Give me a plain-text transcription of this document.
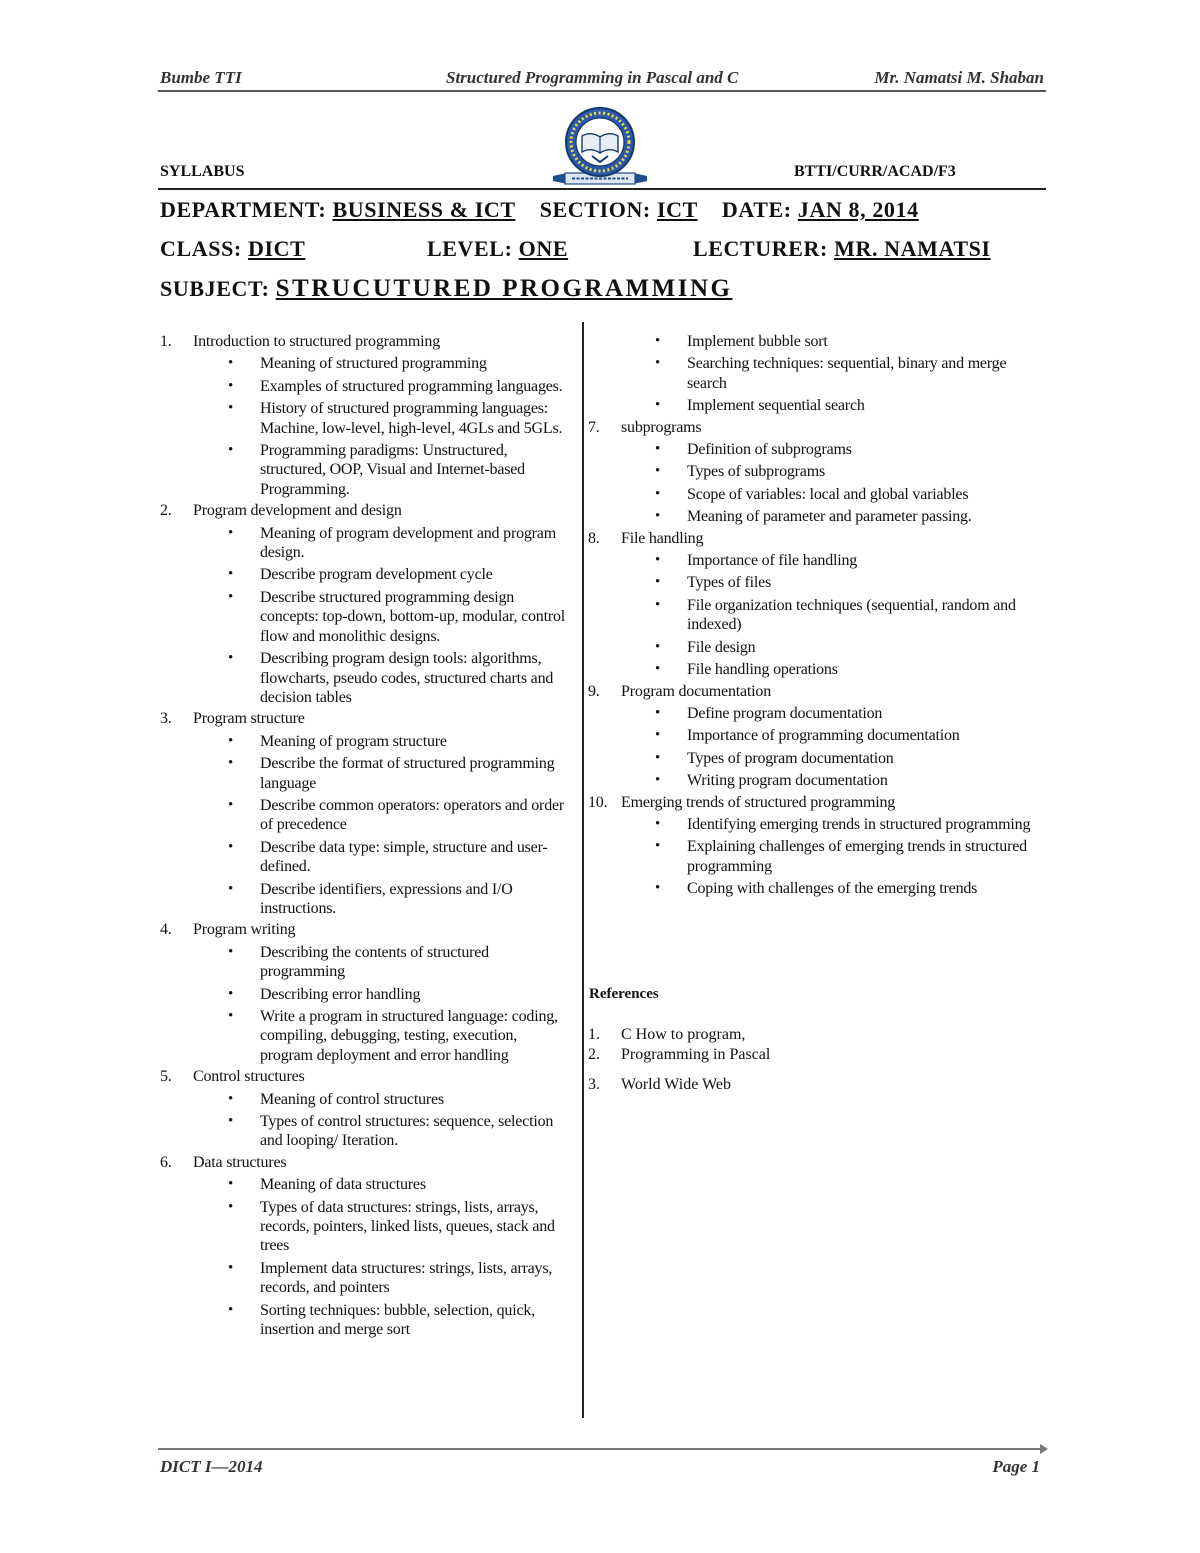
Bumbe TTI	Structured Programming in Pascal and C	Mr. Namatsi M. Shaban
SYLLABUS	BTTI/CURR/ACAD/F3
DEPARTMENT: BUSINESS & ICT SECTION: ICT DATE: JAN 8, 2014
CLASS: DICT	LEVEL: ONE	LECTURER: MR. NAMATSI
SUBJECT: STRUCUTURED PROGRAMMING
1. Introduction to structured programming
• Meaning of structured programming
• Examples of structured programming languages.
• History of structured programming languages: Machine, low-level, high-level, 4GLs and 5GLs.
• Programming paradigms: Unstructured, structured, OOP, Visual and Internet-based Programming.
2. Program development and design
• Meaning of program development and program design.
• Describe program development cycle
• Describe structured programming design concepts: top-down, bottom-up, modular, control flow and monolithic designs.
• Describing program design tools: algorithms, flowcharts, pseudo codes, structured charts and decision tables
3. Program structure
• Meaning of program structure
• Describe the format of structured programming language
• Describe common operators: operators and order of precedence
• Describe data type: simple, structure and user-defined.
• Describe identifiers, expressions and I/O instructions.
4. Program writing
• Describing the contents of structured programming
• Describing error handling
• Write a program in structured language: coding, compiling, debugging, testing, execution, program deployment and error handling
5. Control structures
• Meaning of control structures
• Types of control structures: sequence, selection and looping/ Iteration.
6. Data structures
• Meaning of data structures
• Types of data structures: strings, lists, arrays, records, pointers, linked lists, queues, stack and trees
• Implement data structures: strings, lists, arrays, records, and pointers
• Sorting techniques: bubble, selection, quick, insertion and merge sort
• Implement bubble sort
• Searching techniques: sequential, binary and merge search
• Implement sequential search
7. subprograms
• Definition of subprograms
• Types of subprograms
• Scope of variables: local and global variables
• Meaning of parameter and parameter passing.
8. File handling
• Importance of file handling
• Types of files
• File organization techniques (sequential, random and indexed)
• File design
• File handling operations
9. Program documentation
• Define program documentation
• Importance of programming documentation
• Types of program documentation
• Writing program documentation
10. Emerging trends of structured programming
• Identifying emerging trends in structured programming
• Explaining challenges of emerging trends in structured programming
• Coping with challenges of the emerging trends
References
1. C How to program,
2. Programming in Pascal
3. World Wide Web
DICT I—2014	Page 1
